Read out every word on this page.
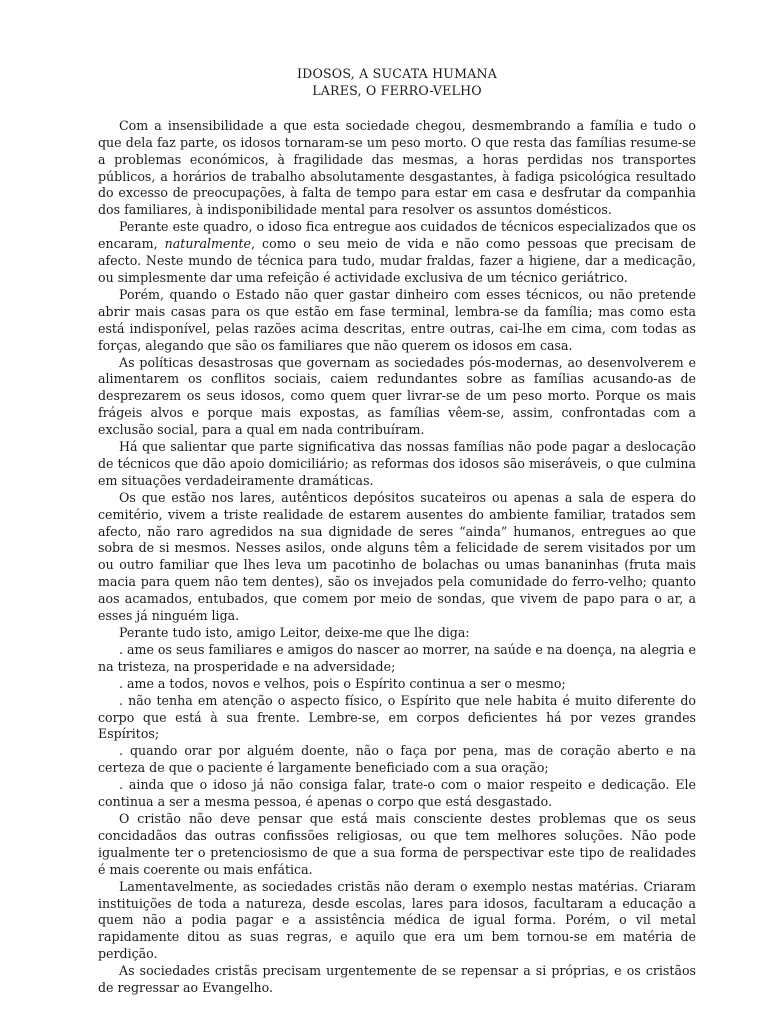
IDOSOS, A SUCATA HUMANA
LARES, O FERRO-VELHO

Com a insensibilidade a que esta sociedade chegou, desmembrando a família e tudo o que dela faz parte, os idosos tornaram-se um peso morto. O que resta das famílias resume-se a problemas económicos, à fragilidade das mesmas, a horas perdidas nos transportes públicos, a horários de trabalho absolutamente desgastantes, à fadiga psicológica resultado do excesso de preocupações, à falta de tempo para estar em casa e desfrutar da companhia dos familiares, à indisponibilidade mental para resolver os assuntos domésticos.

Perante este quadro, o idoso fica entregue aos cuidados de técnicos especializados que os encaram, naturalmente, como o seu meio de vida e não como pessoas que precisam de afecto. Neste mundo de técnica para tudo, mudar fraldas, fazer a higiene, dar a medicação, ou simplesmente dar uma refeição é actividade exclusiva de um técnico geriátrico.

Porém, quando o Estado não quer gastar dinheiro com esses técnicos, ou não pretende abrir mais casas para os que estão em fase terminal, lembra-se da família; mas como esta está indisponível, pelas razões acima descritas, entre outras, cai-lhe em cima, com todas as forças, alegando que são os familiares que não querem os idosos em casa.

As políticas desastrosas que governam as sociedades pós-modernas, ao desenvolverem e alimentarem os conflitos sociais, caiem redundantes sobre as famílias acusando-as de desprezarem os seus idosos, como quem quer livrar-se de um peso morto. Porque os mais frágeis alvos e porque mais expostas, as famílias vêem-se, assim, confrontadas com a exclusão social, para a qual em nada contribuíram.

Há que salientar que parte significativa das nossas famílias não pode pagar a deslocação de técnicos que dão apoio domiciliário; as reformas dos idosos são miseráveis, o que culmina em situações verdadeiramente dramáticas.

Os que estão nos lares, autênticos depósitos sucateiros ou apenas a sala de espera do cemitério, vivem a triste realidade de estarem ausentes do ambiente familiar, tratados sem afecto, não raro agredidos na sua dignidade de seres “ainda” humanos, entregues ao que sobra de si mesmos. Nesses asilos, onde alguns têm a felicidade de serem visitados por um ou outro familiar que lhes leva um pacotinho de bolachas ou umas bananinhas (fruta mais macia para quem não tem dentes), são os invejados pela comunidade do ferro-velho; quanto aos acamados, entubados, que comem por meio de sondas, que vivem de papo para o ar, a esses já ninguém liga.

Perante tudo isto, amigo Leitor, deixe-me que lhe diga:

. ame os seus familiares e amigos do nascer ao morrer, na saúde e na doença, na alegria e na tristeza, na prosperidade e na adversidade;

. ame a todos, novos e velhos, pois o Espírito continua a ser o mesmo;

. não tenha em atenção o aspecto físico, o Espírito que nele habita é muito diferente do corpo que está à sua frente. Lembre-se, em corpos deficientes há por vezes grandes Espíritos;

. quando orar por alguém doente, não o faça por pena, mas de coração aberto e na certeza de que o paciente é largamente beneficiado com a sua oração;

. ainda que o idoso já não consiga falar, trate-o com o maior respeito e dedicação. Ele continua a ser a mesma pessoa, é apenas o corpo que está desgastado.

O cristão não deve pensar que está mais consciente destes problemas que os seus concidadãos das outras confissões religiosas, ou que tem melhores soluções. Não pode igualmente ter o pretenciosismo de que a sua forma de perspectivar este tipo de realidades é mais coerente ou mais enfática.

Lamentavelmente, as sociedades cristãs não deram o exemplo nestas matérias. Criaram instituições de toda a natureza, desde escolas, lares para idosos, facultaram a educação a quem não a podia pagar e a assistência médica de igual forma. Porém, o vil metal rapidamente ditou as suas regras, e aquilo que era um bem tornou-se em matéria de perdição.

As sociedades cristãs precisam urgentemente de se repensar a si próprias, e os cristãos de regressar ao Evangelho.
